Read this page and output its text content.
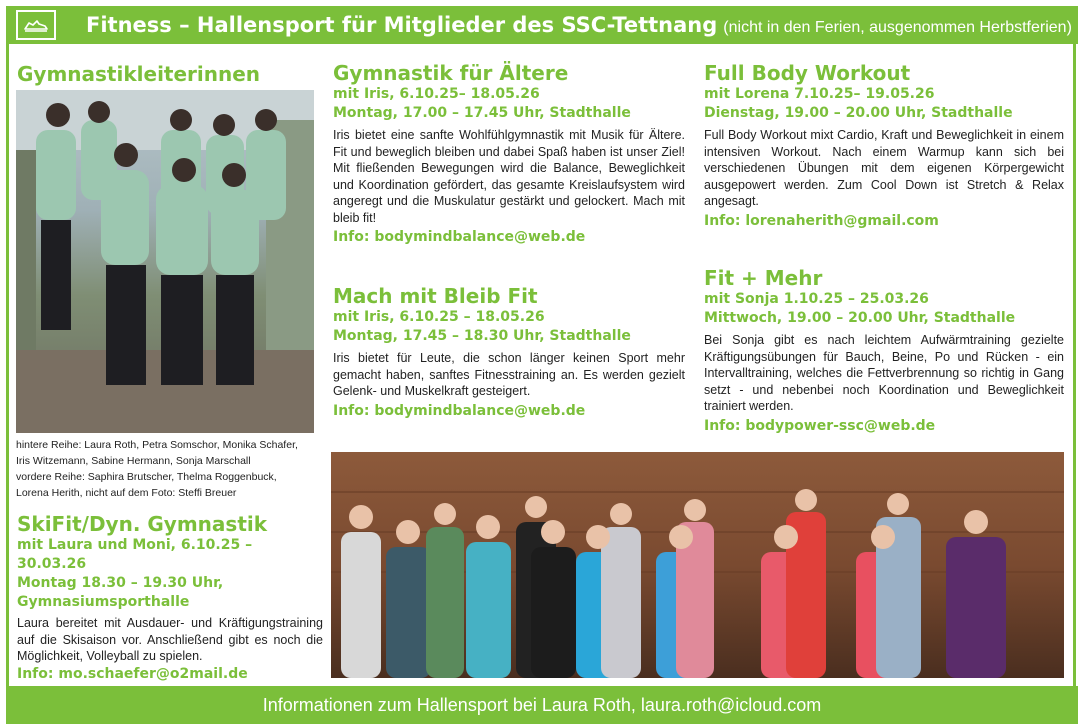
Fitness – Hallensport für Mitglieder des SSC-Tettnang (nicht in den Ferien, ausgenommen Herbstferien)
Gymnastikleiterinnen
hintere Reihe: Laura Roth, Petra Somschor, Monika Schafer,
Iris Witzemann, Sabine Hermann, Sonja Marschall
vordere Reihe: Saphira Brutscher, Thelma Roggenbuck,
Lorena Herith, nicht auf dem Foto: Steffi Breuer
SkiFit/Dyn. Gymnastik
mit Laura und Moni, 6.10.25 – 30.03.26
Montag 18.30 – 19.30 Uhr,
Gymnasiumsporthalle
Laura bereitet mit Ausdauer- und Kräftigungstraining auf die Skisaison vor. Anschließend gibt es noch die Möglichkeit, Volleyball zu spielen.
Info: mo.schaefer@o2mail.de
Gymnastik für Ältere
mit Iris, 6.10.25– 18.05.26
Montag, 17.00 – 17.45 Uhr, Stadthalle
Iris bietet eine sanfte Wohlfühlgymnastik mit Musik für Ältere. Fit und beweglich bleiben und dabei Spaß haben ist unser Ziel! Mit fließenden Bewegungen wird die Balance, Beweglichkeit und Koordination gefördert, das gesamte Kreislaufsystem wird angeregt und die Muskulatur gestärkt und gelockert. Mach mit bleib fit!
Info: bodymindbalance@web.de
Mach mit Bleib Fit
mit Iris, 6.10.25 – 18.05.26
Montag, 17.45 – 18.30 Uhr, Stadthalle
Iris bietet für Leute, die schon länger keinen Sport mehr gemacht haben, sanftes Fitnesstraining an. Es werden gezielt Gelenk- und Muskelkraft gesteigert.
Info: bodymindbalance@web.de
Full Body Workout
mit Lorena 7.10.25– 19.05.26
Dienstag, 19.00 – 20.00 Uhr, Stadthalle
Full Body Workout mixt Cardio, Kraft und Beweglichkeit in einem intensiven Workout. Nach einem Warmup kann sich bei verschiedenen Übungen mit dem eigenen Körpergewicht ausgepowert werden. Zum Cool Down ist Stretch & Relax angesagt.
Info: lorenaherith@gmail.com
Fit + Mehr
mit Sonja 1.10.25 – 25.03.26
Mittwoch, 19.00 – 20.00 Uhr, Stadthalle
Bei Sonja gibt es nach leichtem Aufwärmtraining gezielte Kräftigungsübungen für Bauch, Beine, Po und Rücken - ein Intervalltraining, welches die Fettverbrennung so richtig in Gang setzt - und nebenbei noch Koordination und Beweglichkeit trainiert werden.
Info: bodypower-ssc@web.de
Informationen zum Hallensport bei Laura Roth, laura.roth@icloud.com
